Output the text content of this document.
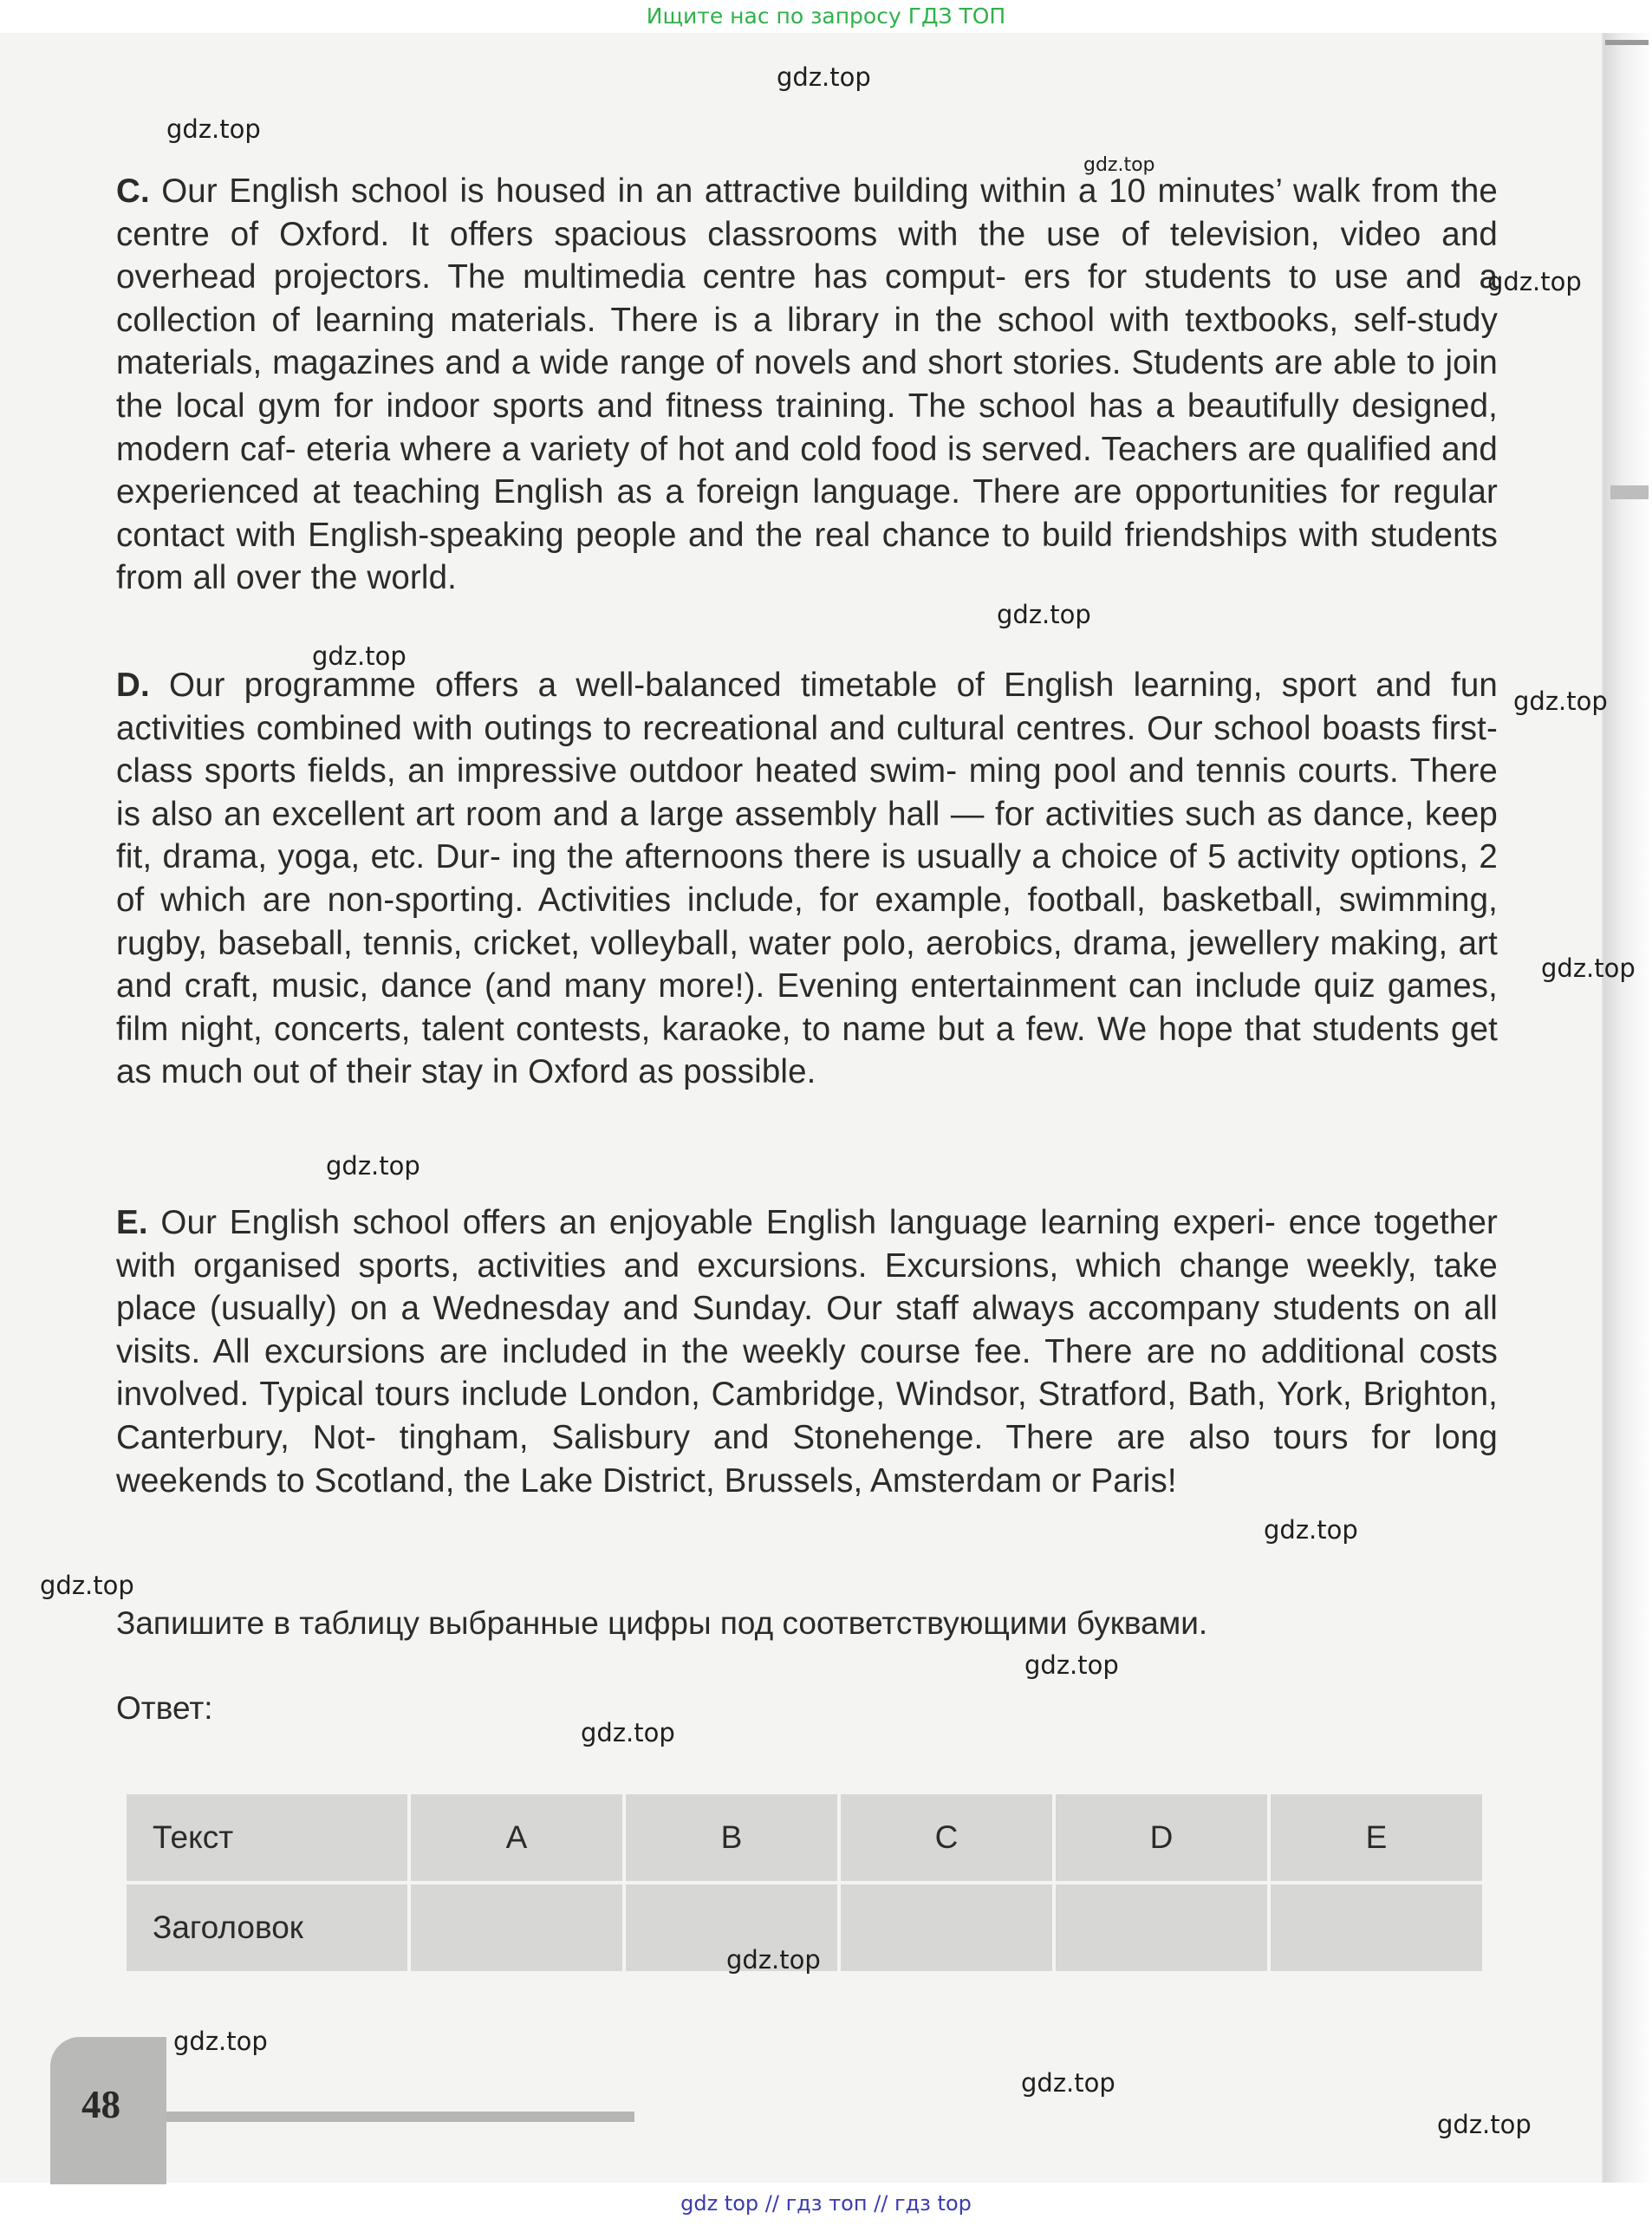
Ищите нас по запросу ГДЗ ТОП

C. Our English school is housed in an attractive building within a 10 minutes’ walk from the centre of Oxford. It offers spacious classrooms with the use of television, video and overhead projectors. The multimedia centre has comput- ers for students to use and a collection of learning materials. There is a library in the school with textbooks, self-study materials, magazines and a wide range of novels and short stories. Students are able to join the local gym for indoor sports and fitness training. The school has a beautifully designed, modern caf- eteria where a variety of hot and cold food is served. Teachers are qualified and experienced at teaching English as a foreign language. There are opportunities for regular contact with English-speaking people and the real chance to build friendships with students from all over the world.

D. Our programme offers a well-balanced timetable of English learning, sport and fun activities combined with outings to recreational and cultural centres. Our school boasts first-class sports fields, an impressive outdoor heated swim- ming pool and tennis courts. There is also an excellent art room and a large assembly hall — for activities such as dance, keep fit, drama, yoga, etc. Dur- ing the afternoons there is usually a choice of 5 activity options, 2 of which are non-sporting. Activities include, for example, football, basketball, swimming, rugby, baseball, tennis, cricket, volleyball, water polo, aerobics, drama, jewellery making, art and craft, music, dance (and many more!). Evening entertainment can include quiz games, film night, concerts, talent contests, karaoke, to name but a few. We hope that students get as much out of their stay in Oxford as possible.

E. Our English school offers an enjoyable English language learning experi- ence together with organised sports, activities and excursions. Excursions, which change weekly, take place (usually) on a Wednesday and Sunday. Our staff always accompany students on all visits. All excursions are included in the weekly course fee. There are no additional costs involved. Typical tours include London, Cambridge, Windsor, Stratford, Bath, York, Brighton, Canterbury, Not- tingham, Salisbury and Stonehenge. There are also tours for long weekends to Scotland, the Lake District, Brussels, Amsterdam or Paris!

Запишите в таблицу выбранные цифры под соответствующими буквами.

Ответ:

Текст	A	B	C	D	E
Заголовок
48
gdz.top
gdz.top
gdz.top
gdz.top
gdz.top
gdz.top
gdz.top
gdz.top
gdz.top
gdz.top
gdz.top
gdz.top
gdz.top
gdz.top
gdz.top
gdz.top
gdz.top
gdz top // гдз топ // гдз top
